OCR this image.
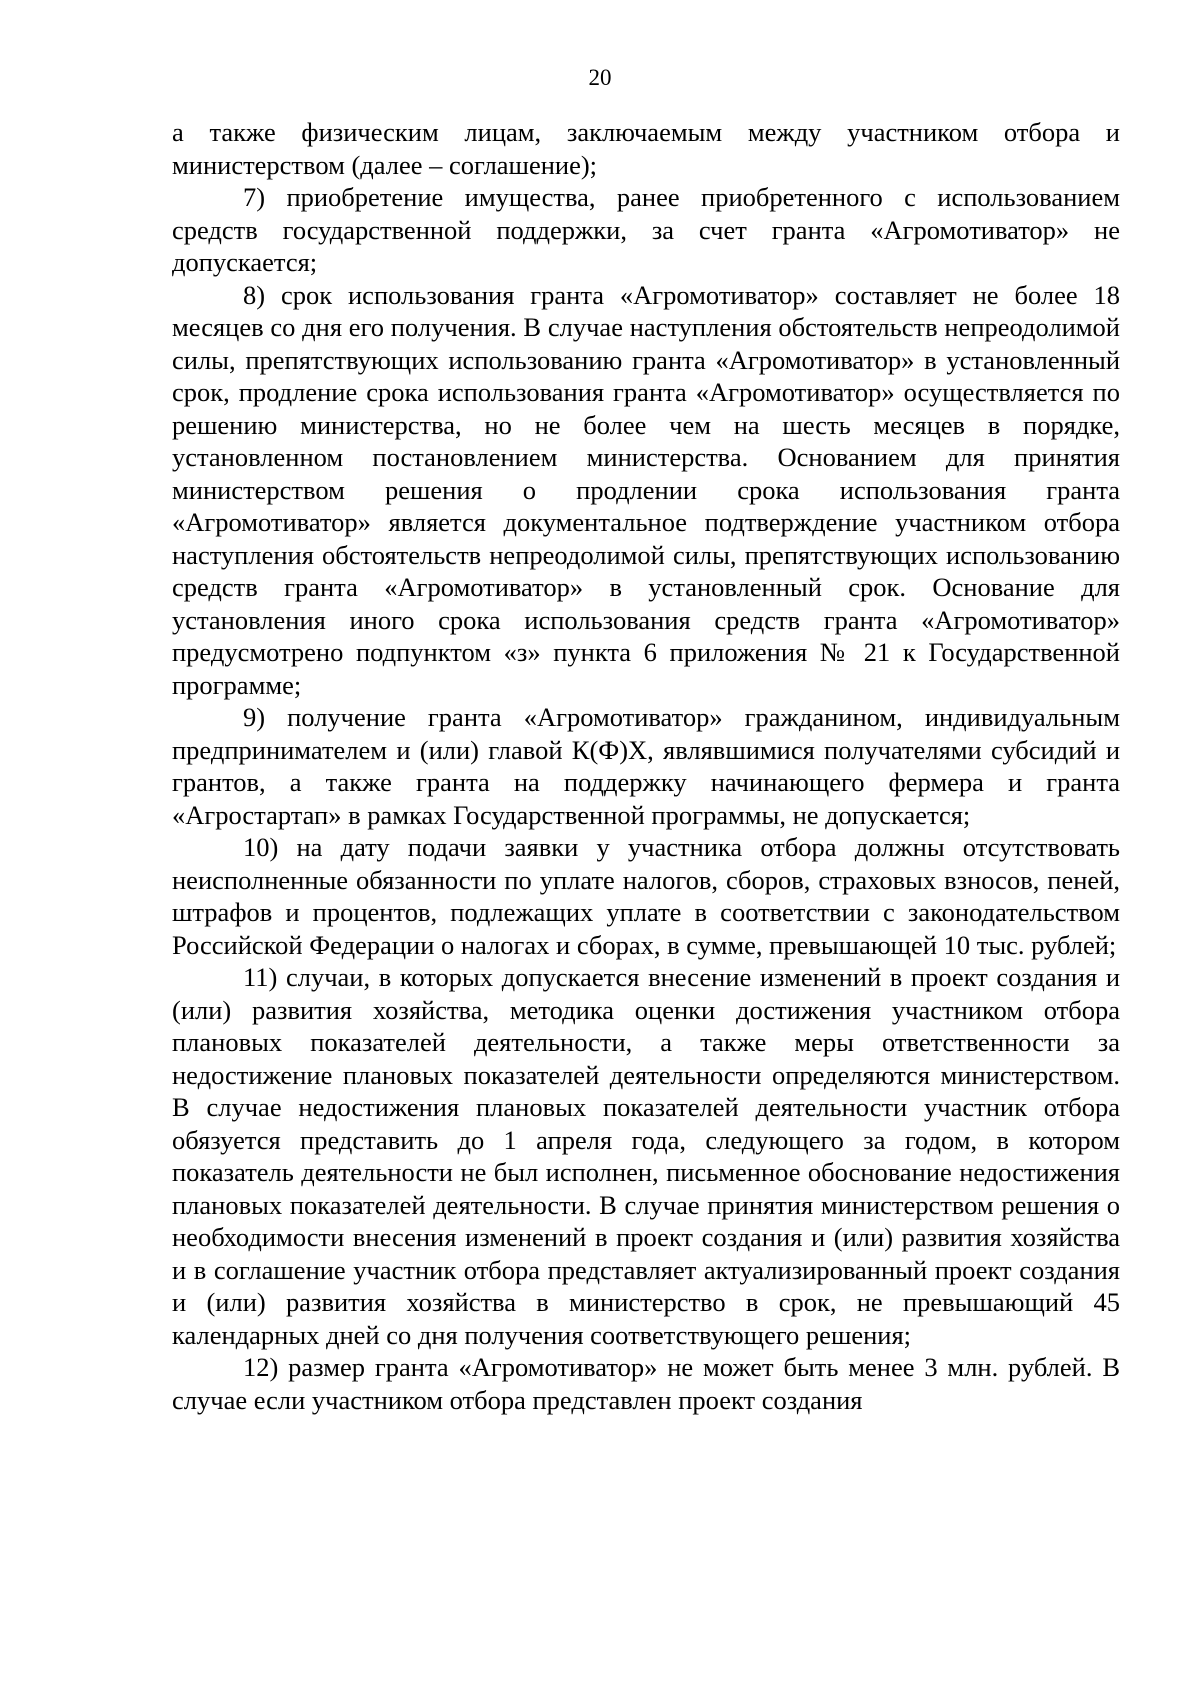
20

а также физическим лицам, заключаемым между участником отбора и министерством (далее – соглашение);

7) приобретение имущества, ранее приобретенного с использованием средств государственной поддержки, за счет гранта «Агромотиватор» не допускается;

8) срок использования гранта «Агромотиватор» составляет не более 18 месяцев со дня его получения. В случае наступления обстоятельств непреодолимой силы, препятствующих использованию гранта «Агромотиватор» в установленный срок, продление срока использования гранта «Агромотиватор» осуществляется по решению министерства, но не более чем на шесть месяцев в порядке, установленном постановлением министерства. Основанием для принятия министерством решения о продлении срока использования гранта «Агромотиватор» является документальное подтверждение участником отбора наступления обстоятельств непреодолимой силы, препятствующих использованию средств гранта «Агромотиватор» в установленный срок. Основание для установления иного срока использования средств гранта «Агромотиватор» предусмотрено подпунктом «з» пункта 6 приложения № 21 к Государственной программе;

9) получение гранта «Агромотиватор» гражданином, индивидуальным предпринимателем и (или) главой К(Ф)Х, являвшимися получателями субсидий и грантов, а также гранта на поддержку начинающего фермера и гранта «Агростартап» в рамках Государственной программы, не допускается;

10) на дату подачи заявки у участника отбора должны отсутствовать неисполненные обязанности по уплате налогов, сборов, страховых взносов, пеней, штрафов и процентов, подлежащих уплате в соответствии с законодательством Российской Федерации о налогах и сборах, в сумме, превышающей 10 тыс. рублей;

11) случаи, в которых допускается внесение изменений в проект создания и (или) развития хозяйства, методика оценки достижения участником отбора плановых показателей деятельности, а также меры ответственности за недостижение плановых показателей деятельности определяются министерством. В случае недостижения плановых показателей деятельности участник отбора обязуется представить до 1 апреля года, следующего за годом, в котором показатель деятельности не был исполнен, письменное обоснование недостижения плановых показателей деятельности. В случае принятия министерством решения о необходимости внесения изменений в проект создания и (или) развития хозяйства и в соглашение участник отбора представляет актуализированный проект создания и (или) развития хозяйства в министерство в срок, не превышающий 45 календарных дней со дня получения соответствующего решения;

12) размер гранта «Агромотиватор» не может быть менее 3 млн. рублей. В случае если участником отбора представлен проект создания
